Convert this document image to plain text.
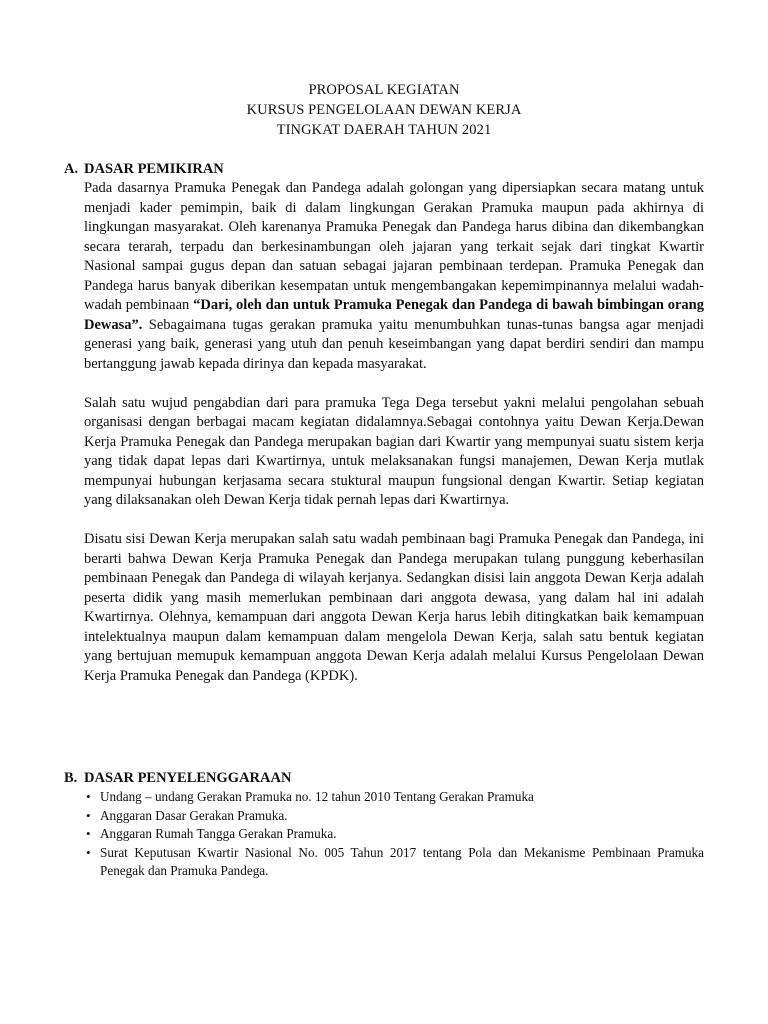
PROPOSAL KEGIATAN
KURSUS PENGELOLAAN DEWAN KERJA
TINGKAT DAERAH TAHUN 2021
A. DASAR PEMIKIRAN

Pada dasarnya Pramuka Penegak dan Pandega adalah golongan yang dipersiapkan secara matang untuk menjadi kader pemimpin, baik di dalam lingkungan Gerakan Pramuka maupun pada akhirnya di lingkungan masyarakat. Oleh karenanya Pramuka Penegak dan Pandega harus dibina dan dikembangkan secara terarah, terpadu dan berkesinambungan oleh jajaran yang terkait sejak dari tingkat Kwartir Nasional sampai gugus depan dan satuan sebagai jajaran pembinaan terdepan. Pramuka Penegak dan Pandega harus banyak diberikan kesempatan untuk mengembangakan kepemimpinannya melalui wadah-wadah pembinaan “Dari, oleh dan untuk Pramuka Penegak dan Pandega di bawah bimbingan orang Dewasa”. Sebagaimana tugas gerakan pramuka yaitu menumbuhkan tunas-tunas bangsa agar menjadi generasi yang baik, generasi yang utuh dan penuh keseimbangan yang dapat berdiri sendiri dan mampu bertanggung jawab kepada dirinya dan kepada masyarakat.

Salah satu wujud pengabdian dari para pramuka Tega Dega tersebut yakni melalui pengolahan sebuah organisasi dengan berbagai macam kegiatan didalamnya.Sebagai contohnya yaitu Dewan Kerja.Dewan Kerja Pramuka Penegak dan Pandega merupakan bagian dari Kwartir yang mempunyai suatu sistem kerja yang tidak dapat lepas dari Kwartirnya, untuk melaksanakan fungsi manajemen, Dewan Kerja mutlak mempunyai hubungan kerjasama secara stuktural maupun fungsional dengan Kwartir. Setiap kegiatan yang dilaksanakan oleh Dewan Kerja tidak pernah lepas dari Kwartirnya.

Disatu sisi Dewan Kerja merupakan salah satu wadah pembinaan bagi Pramuka Penegak dan Pandega, ini berarti bahwa Dewan Kerja Pramuka Penegak dan Pandega merupakan tulang punggung keberhasilan pembinaan Penegak dan Pandega di wilayah kerjanya. Sedangkan disisi lain anggota Dewan Kerja adalah peserta didik yang masih memerlukan pembinaan dari anggota dewasa, yang dalam hal ini adalah Kwartirnya. Olehnya, kemampuan dari anggota Dewan Kerja harus lebih ditingkatkan baik kemampuan intelektualnya maupun dalam kemampuan dalam mengelola Dewan Kerja, salah satu bentuk kegiatan yang bertujuan memupuk kemampuan anggota Dewan Kerja adalah melalui Kursus Pengelolaan Dewan Kerja Pramuka Penegak dan Pandega (KPDK).

B. DASAR PENYELENGGARAAN
• Undang – undang Gerakan Pramuka no. 12 tahun 2010 Tentang Gerakan Pramuka
• Anggaran Dasar Gerakan Pramuka.
• Anggaran Rumah Tangga Gerakan Pramuka.
• Surat Keputusan Kwartir Nasional No. 005 Tahun 2017 tentang Pola dan Mekanisme Pembinaan Pramuka Penegak dan Pramuka Pandega.
